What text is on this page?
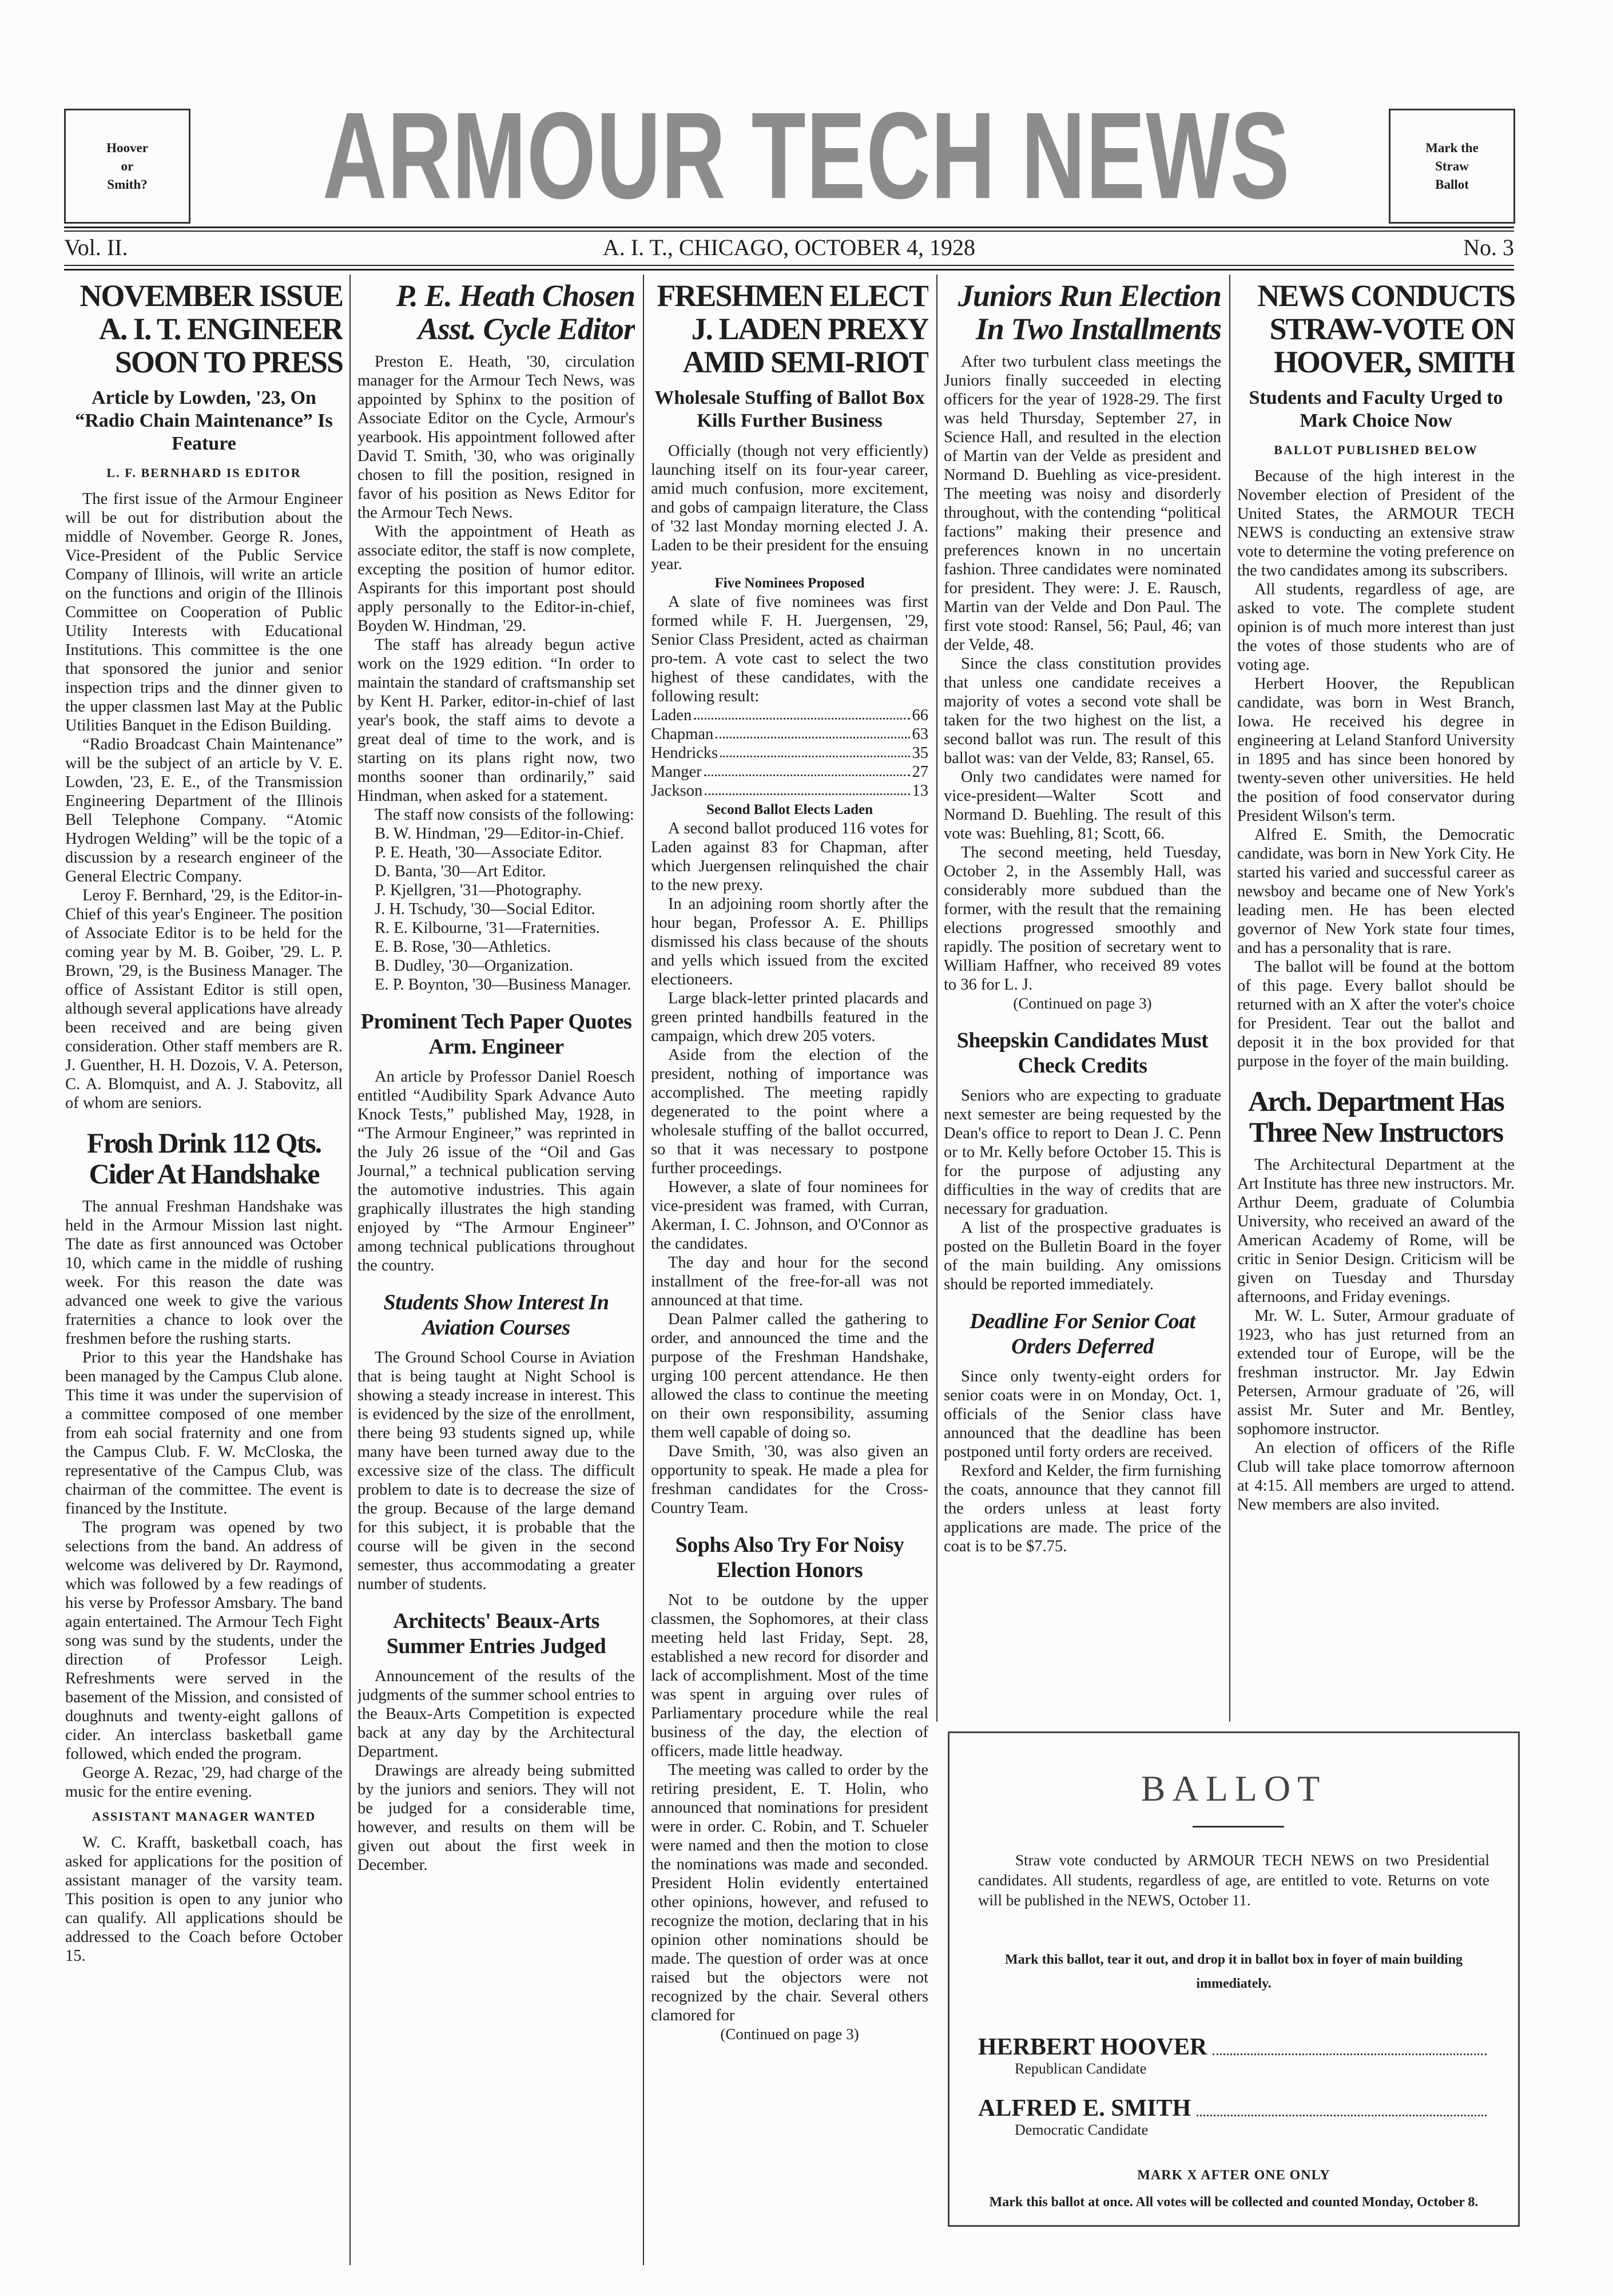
Hoover
or
Smith?	ARMOUR TECH NEWS	Mark the
Straw
Ballot
Vol. II.	A. I. T., CHICAGO, OCTOBER 4, 1928	No. 3
NOVEMBER ISSUE A. I. T. ENGINEER SOON TO PRESS
Article by Lowden, '23, On “Radio Chain Maintenance” Is Feature
L. F. BERNHARD IS EDITOR
The first issue of the Armour Engineer will be out for distribution about the middle of November. George R. Jones, Vice-President of the Public Service Company of Illinois, will write an article on the functions and origin of the Illinois Committee on Cooperation of Public Utility Interests with Educational Institutions. This committee is the one that sponsored the junior and senior inspection trips and the dinner given to the upper classmen last May at the Public Utilities Banquet in the Edison Building.
“Radio Broadcast Chain Maintenance” will be the subject of an article by V. E. Lowden, '23, E. E., of the Transmission Engineering Department of the Illinois Bell Telephone Company. “Atomic Hydrogen Welding” will be the topic of a discussion by a research engineer of the General Electric Company.
Leroy F. Bernhard, '29, is the Editor-in-Chief of this year's Engineer. The position of Associate Editor is to be held for the coming year by M. B. Goiber, '29. L. P. Brown, '29, is the Business Manager. The office of Assistant Editor is still open, although several applications have already been received and are being given consideration. Other staff members are R. J. Guenther, H. H. Dozois, V. A. Peterson, C. A. Blomquist, and A. J. Stabovitz, all of whom are seniors.
Frosh Drink 112 Qts. Cider At Handshake
The annual Freshman Handshake was held in the Armour Mission last night. The date as first announced was October 10, which came in the middle of rushing week. For this reason the date was advanced one week to give the various fraternities a chance to look over the freshmen before the rushing starts.
Prior to this year the Handshake has been managed by the Campus Club alone. This time it was under the supervision of a committee composed of one member from eah social fraternity and one from the Campus Club. F. W. McCloska, the representative of the Campus Club, was chairman of the committee. The event is financed by the Institute.
The program was opened by two selections from the band. An address of welcome was delivered by Dr. Raymond, which was followed by a few readings of his verse by Professor Amsbary. The band again entertained. The Armour Tech Fight song was sund by the students, under the direction of Professor Leigh. Refreshments were served in the basement of the Mission, and consisted of doughnuts and twenty-eight gallons of cider. An interclass basketball game followed, which ended the program.
George A. Rezac, '29, had charge of the music for the entire evening.
ASSISTANT MANAGER WANTED
W. C. Krafft, basketball coach, has asked for applications for the position of assistant manager of the varsity team. This position is open to any junior who can qualify. All applications should be addressed to the Coach before October 15.
P. E. Heath Chosen Asst. Cycle Editor
Preston E. Heath, '30, circulation manager for the Armour Tech News, was appointed by Sphinx to the position of Associate Editor on the Cycle, Armour's yearbook. His appointment followed after David T. Smith, '30, who was originally chosen to fill the position, resigned in favor of his position as News Editor for the Armour Tech News.
With the appointment of Heath as associate editor, the staff is now complete, excepting the position of humor editor. Aspirants for this important post should apply personally to the Editor-in-chief, Boyden W. Hindman, '29.
The staff has already begun active work on the 1929 edition. “In order to maintain the standard of craftsmanship set by Kent H. Parker, editor-in-chief of last year's book, the staff aims to devote a great deal of time to the work, and is starting on its plans right now, two months sooner than ordinarily,” said Hindman, when asked for a statement.
The staff now consists of the following:
B. W. Hindman, '29—Editor-in-Chief.
P. E. Heath, '30—Associate Editor.
D. Banta, '30—Art Editor.
P. Kjellgren, '31—Photography.
J. H. Tschudy, '30—Social Editor.
R. E. Kilbourne, '31—Fraternities.
E. B. Rose, '30—Athletics.
B. Dudley, '30—Organization.
E. P. Boynton, '30—Business Manager.
Prominent Tech Paper Quotes Arm. Engineer
An article by Professor Daniel Roesch entitled “Audibility Spark Advance Auto Knock Tests,” published May, 1928, in “The Armour Engineer,” was reprinted in the July 26 issue of the “Oil and Gas Journal,” a technical publication serving the automotive industries. This again graphically illustrates the high standing enjoyed by “The Armour Engineer” among technical publications throughout the country.
Students Show Interest In Aviation Courses
The Ground School Course in Aviation that is being taught at Night School is showing a steady increase in interest. This is evidenced by the size of the enrollment, there being 93 students signed up, while many have been turned away due to the excessive size of the class. The difficult problem to date is to decrease the size of the group. Because of the large demand for this subject, it is probable that the course will be given in the second semester, thus accommodating a greater number of students.
Architects' Beaux-Arts Summer Entries Judged
Announcement of the results of the judgments of the summer school entries to the Beaux-Arts Competition is expected back at any day by the Architectural Department.
Drawings are already being submitted by the juniors and seniors. They will not be judged for a considerable time, however, and results on them will be given out about the first week in December.
FRESHMEN ELECT J. LADEN PREXY AMID SEMI-RIOT
Wholesale Stuffing of Ballot Box Kills Further Business
Officially (though not very efficiently) launching itself on its four-year career, amid much confusion, more excitement, and gobs of campaign literature, the Class of '32 last Monday morning elected J. A. Laden to be their president for the ensuing year.
Five Nominees Proposed
A slate of five nominees was first formed while F. H. Juergensen, '29, Senior Class President, acted as chairman pro-tem. A vote cast to select the two highest of these candidates, with the following result:
Laden	66
Chapman	63
Hendricks	35
Manger	27
Jackson	13
Second Ballot Elects Laden
A second ballot produced 116 votes for Laden against 83 for Chapman, after which Juergensen relinquished the chair to the new prexy.
In an adjoining room shortly after the hour began, Professor A. E. Phillips dismissed his class because of the shouts and yells which issued from the excited electioneers.
Large black-letter printed placards and green printed handbills featured in the campaign, which drew 205 voters.
Aside from the election of the president, nothing of importance was accomplished. The meeting rapidly degenerated to the point where a wholesale stuffing of the ballot occurred, so that it was necessary to postpone further proceedings.
However, a slate of four nominees for vice-president was framed, with Curran, Akerman, I. C. Johnson, and O'Connor as the candidates.
The day and hour for the second installment of the free-for-all was not announced at that time.
Dean Palmer called the gathering to order, and announced the time and the purpose of the Freshman Handshake, urging 100 percent attendance. He then allowed the class to continue the meeting on their own responsibility, assuming them well capable of doing so.
Dave Smith, '30, was also given an opportunity to speak. He made a plea for freshman candidates for the Cross-Country Team.
Sophs Also Try For Noisy Election Honors
Not to be outdone by the upper classmen, the Sophomores, at their class meeting held last Friday, Sept. 28, established a new record for disorder and lack of accomplishment. Most of the time was spent in arguing over rules of Parliamentary procedure while the real business of the day, the election of officers, made little headway.
The meeting was called to order by the retiring president, E. T. Holin, who announced that nominations for president were in order. C. Robin, and T. Schueler were named and then the motion to close the nominations was made and seconded. President Holin evidently entertained other opinions, however, and refused to recognize the motion, declaring that in his opinion other nominations should be made. The question of order was at once raised but the objectors were not recognized by the chair. Several others clamored for
(Continued on page 3)
Juniors Run Election In Two Installments
After two turbulent class meetings the Juniors finally succeeded in electing officers for the year of 1928-29. The first was held Thursday, September 27, in Science Hall, and resulted in the election of Martin van der Velde as president and Normand D. Buehling as vice-president. The meeting was noisy and disorderly throughout, with the contending “political factions” making their presence and preferences known in no uncertain fashion. Three candidates were nominated for president. They were: J. E. Rausch, Martin van der Velde and Don Paul. The first vote stood: Ransel, 56; Paul, 46; van der Velde, 48.
Since the class constitution provides that unless one candidate receives a majority of votes a second vote shall be taken for the two highest on the list, a second ballot was run. The result of this ballot was: van der Velde, 83; Ransel, 65.
Only two candidates were named for vice-president—Walter Scott and Normand D. Buehling. The result of this vote was: Buehling, 81; Scott, 66.
The second meeting, held Tuesday, October 2, in the Assembly Hall, was considerably more subdued than the former, with the result that the remaining elections progressed smoothly and rapidly. The position of secretary went to William Haffner, who received 89 votes to 36 for L. J.
(Continued on page 3)
Sheepskin Candidates Must Check Credits
Seniors who are expecting to graduate next semester are being requested by the Dean's office to report to Dean J. C. Penn or to Mr. Kelly before October 15. This is for the purpose of adjusting any difficulties in the way of credits that are necessary for graduation.
A list of the prospective graduates is posted on the Bulletin Board in the foyer of the main building. Any omissions should be reported immediately.
Deadline For Senior Coat Orders Deferred
Since only twenty-eight orders for senior coats were in on Monday, Oct. 1, officials of the Senior class have announced that the deadline has been postponed until forty orders are received.
Rexford and Kelder, the firm furnishing the coats, announce that they cannot fill the orders unless at least forty applications are made. The price of the coat is to be $7.75.
NEWS CONDUCTS STRAW-VOTE ON HOOVER, SMITH
Students and Faculty Urged to Mark Choice Now
BALLOT PUBLISHED BELOW
Because of the high interest in the November election of President of the United States, the ARMOUR TECH NEWS is conducting an extensive straw vote to determine the voting preference on the two candidates among its subscribers.
All students, regardless of age, are asked to vote. The complete student opinion is of much more interest than just the votes of those students who are of voting age.
Herbert Hoover, the Republican candidate, was born in West Branch, Iowa. He received his degree in engineering at Leland Stanford University in 1895 and has since been honored by twenty-seven other universities. He held the position of food conservator during President Wilson's term.
Alfred E. Smith, the Democratic candidate, was born in New York City. He started his varied and successful career as newsboy and became one of New York's leading men. He has been elected governor of New York state four times, and has a personality that is rare.
The ballot will be found at the bottom of this page. Every ballot should be returned with an X after the voter's choice for President. Tear out the ballot and deposit it in the box provided for that purpose in the foyer of the main building.
Arch. Department Has Three New Instructors
The Architectural Department at the Art Institute has three new instructors. Mr. Arthur Deem, graduate of Columbia University, who received an award of the American Academy of Rome, will be critic in Senior Design. Criticism will be given on Tuesday and Thursday afternoons, and Friday evenings.
Mr. W. L. Suter, Armour graduate of 1923, who has just returned from an extended tour of Europe, will be the freshman instructor. Mr. Jay Edwin Petersen, Armour graduate of '26, will assist Mr. Suter and Mr. Bentley, sophomore instructor.
An election of officers of the Rifle Club will take place tomorrow afternoon at 4:15. All members are urged to attend. New members are also invited.
BALLOT
Straw vote conducted by ARMOUR TECH NEWS on two Presidential candidates. All students, regardless of age, are entitled to vote. Returns on vote will be published in the NEWS, October 11.
Mark this ballot, tear it out, and drop it in ballot box in foyer of main building immediately.
HERBERT HOOVER
Republican Candidate
ALFRED E. SMITH
Democratic Candidate
MARK X AFTER ONE ONLY
Mark this ballot at once. All votes will be collected and counted Monday, October 8.
